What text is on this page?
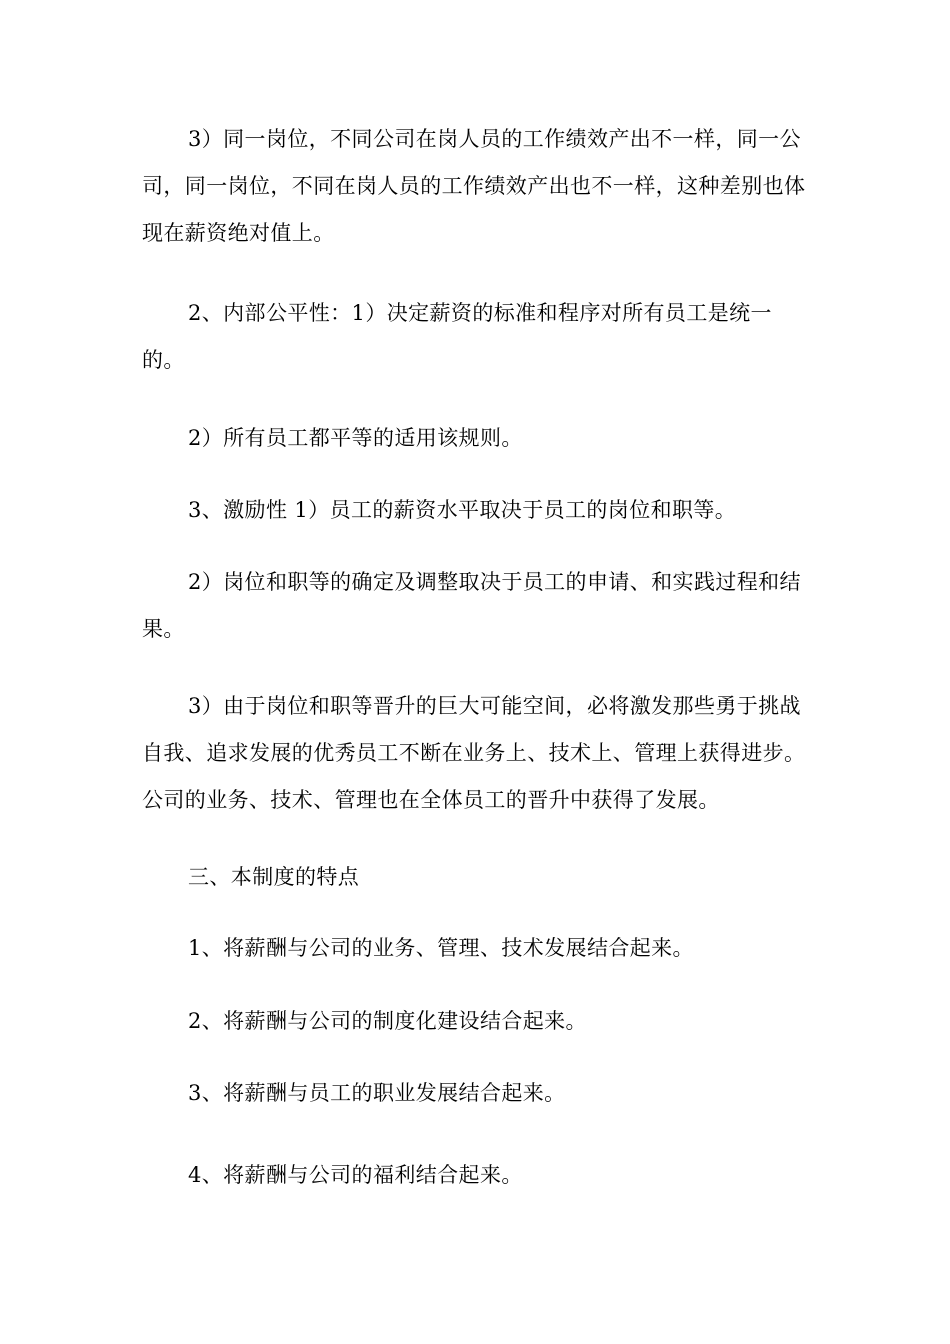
3）同一岗位，不同公司在岗人员的工作绩效产出不一样，同一公司，同一岗位，不同在岗人员的工作绩效产出也不一样，这种差别也体现在薪资绝对值上。

2、内部公平性：1）决定薪资的标准和程序对所有员工是统一的。

2）所有员工都平等的适用该规则。

3、激励性 1）员工的薪资水平取决于员工的岗位和职等。

2）岗位和职等的确定及调整取决于员工的申请、和实践过程和结果。

3）由于岗位和职等晋升的巨大可能空间，必将激发那些勇于挑战自我、追求发展的优秀员工不断在业务上、技术上、管理上获得进步。公司的业务、技术、管理也在全体员工的晋升中获得了发展。

三、本制度的特点

1、将薪酬与公司的业务、管理、技术发展结合起来。

2、将薪酬与公司的制度化建设结合起来。

3、将薪酬与员工的职业发展结合起来。

4、将薪酬与公司的福利结合起来。
